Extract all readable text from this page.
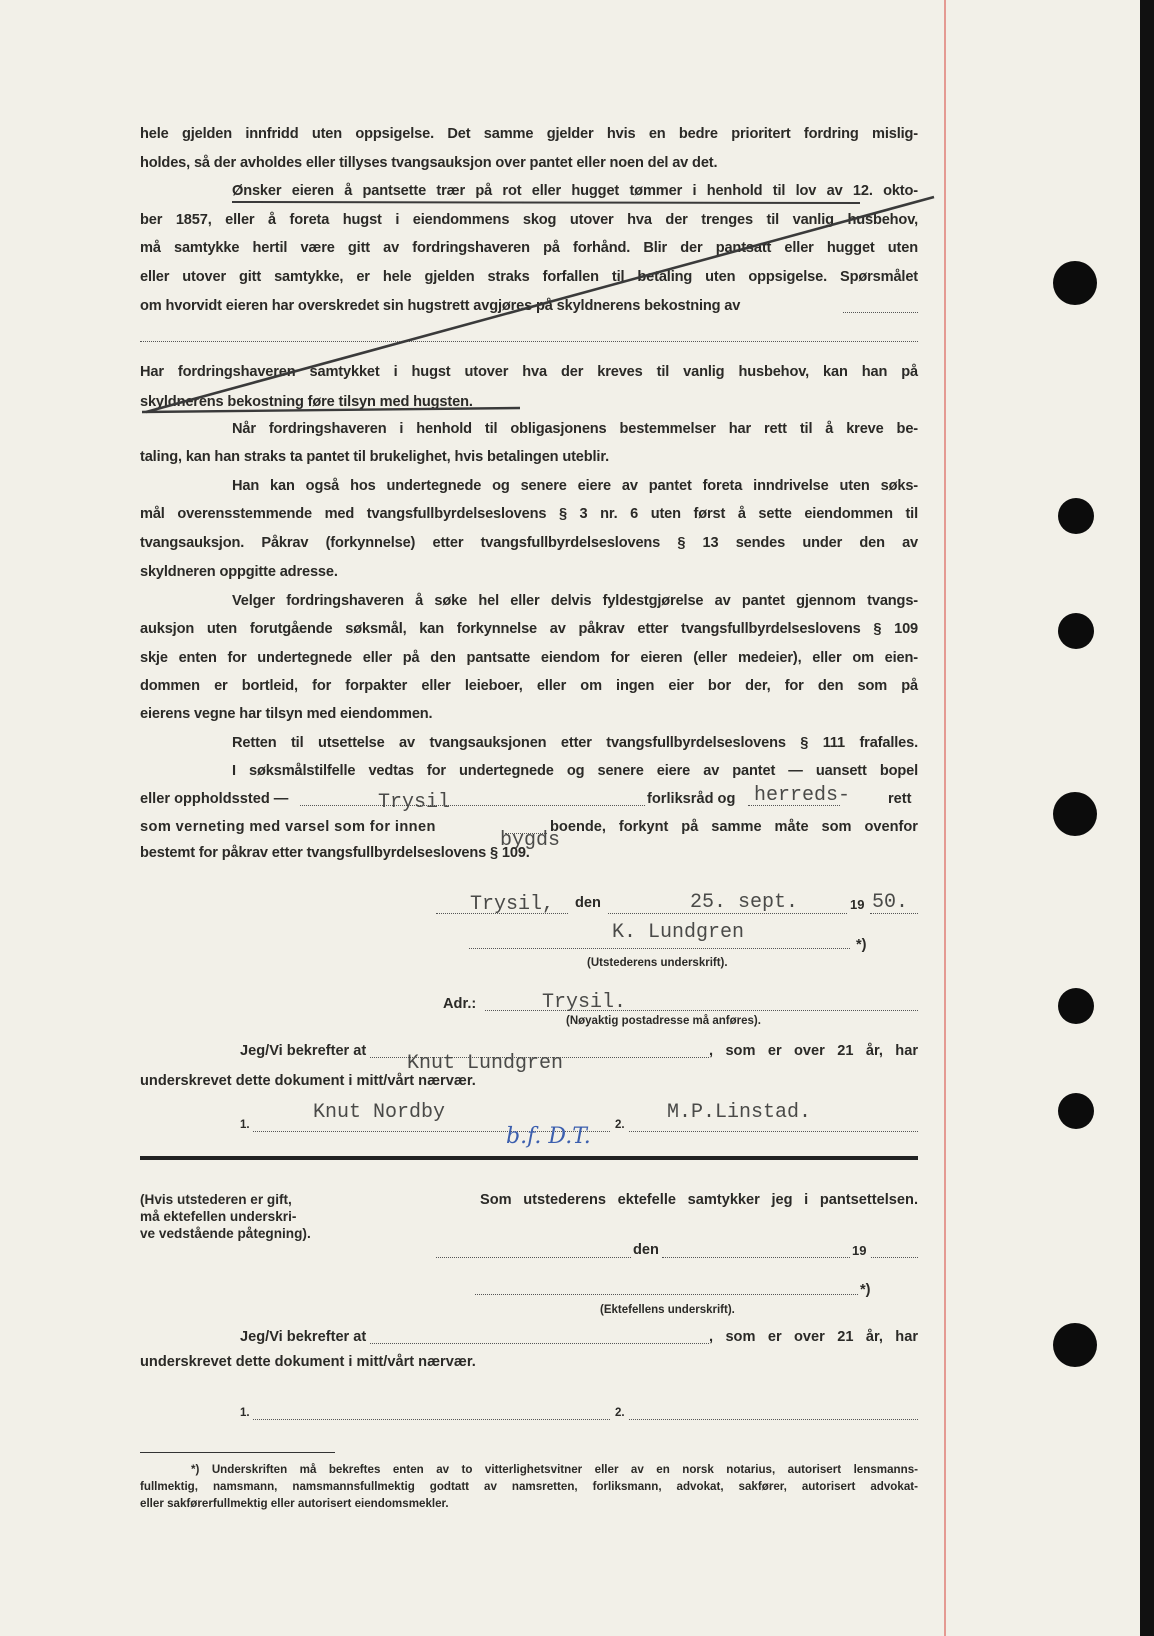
hele gjelden innfridd uten oppsigelse. Det samme gjelder hvis en bedre prioritert fordring mislig-
holdes, så der avholdes eller tillyses tvangsauksjon over pantet eller noen del av det.
Ønsker eieren å pantsette trær på rot eller hugget tømmer i henhold til lov av 12. okto-
ber 1857, eller å foreta hugst i eiendommens skog utover hva der trenges til vanlig husbehov,
må samtykke hertil være gitt av fordringshaveren på forhånd. Blir der pantsatt eller hugget uten
eller utover gitt samtykke, er hele gjelden straks forfallen til betaling uten oppsigelse. Spørsmålet
om hvorvidt eieren har overskredet sin hugstrett avgjøres på skyldnerens bekostning av
Har fordringshaveren samtykket i hugst utover hva der kreves til vanlig husbehov, kan han på
skyldnerens bekostning føre tilsyn med hugsten.
Når fordringshaveren i henhold til obligasjonens bestemmelser har rett til å kreve be-
taling, kan han straks ta pantet til brukelighet, hvis betalingen uteblir.
Han kan også hos undertegnede og senere eiere av pantet foreta inndrivelse uten søks-
mål overensstemmende med tvangsfullbyrdelseslovens § 3 nr. 6 uten først å sette eiendommen til
tvangsauksjon. Påkrav (forkynnelse) etter tvangsfullbyrdelseslovens § 13 sendes under den av
skyldneren oppgitte adresse.
Velger fordringshaveren å søke hel eller delvis fyldestgjørelse av pantet gjennom tvangs-
auksjon uten forutgående søksmål, kan forkynnelse av påkrav etter tvangsfullbyrdelseslovens § 109
skje enten for undertegnede eller på den pantsatte eiendom for eieren (eller medeier), eller om eien-
dommen er bortleid, for forpakter eller leieboer, eller om ingen eier bor der, for den som på
eierens vegne har tilsyn med eiendommen.
Retten til utsettelse av tvangsauksjonen etter tvangsfullbyrdelseslovens § 111 frafalles.
I søksmålstilfelle vedtas for undertegnede og senere eiere av pantet — uansett bopel
eller oppholdssted —	Trysil	forliksråd og herreds-	rett
som verneting med varsel som for innen
bygds
boende, forkynt på samme måte som ovenfor
bestemt for påkrav etter tvangsfullbyrdelseslovens § 109.
Trysil, den	25. sept.	19 50.
K. Lundgren
*)
(Utstederens underskrift).
Adr.:	Trysil.
(Nøyaktig postadresse må anføres).
Jeg/Vi bekrefter at
Knut Lundgren
, som er over 21 år, har
underskrevet dette dokument i mitt/vårt nærvær.
1.
Knut Nordby
2.
M.P.Linstad.
b.f. D.T.
(Hvis utstederen er gift,
må ektefellen underskri-
ve vedstående påtegning).
Som utstederens ektefelle samtykker jeg i pantsettelsen.
den	19
*)
(Ektefellens underskrift).
Jeg/Vi bekrefter at	, som er over 21 år, har
underskrevet dette dokument i mitt/vårt nærvær.
1.	2.
*) Underskriften må bekreftes enten av to vitterlighetsvitner eller av en norsk notarius, autorisert lensmanns-
fullmektig, namsmann, namsmannsfullmektig godtatt av namsretten, forliksmann, advokat, sakfører, autorisert advokat-
eller sakførerfullmektig eller autorisert eiendomsmekler.
